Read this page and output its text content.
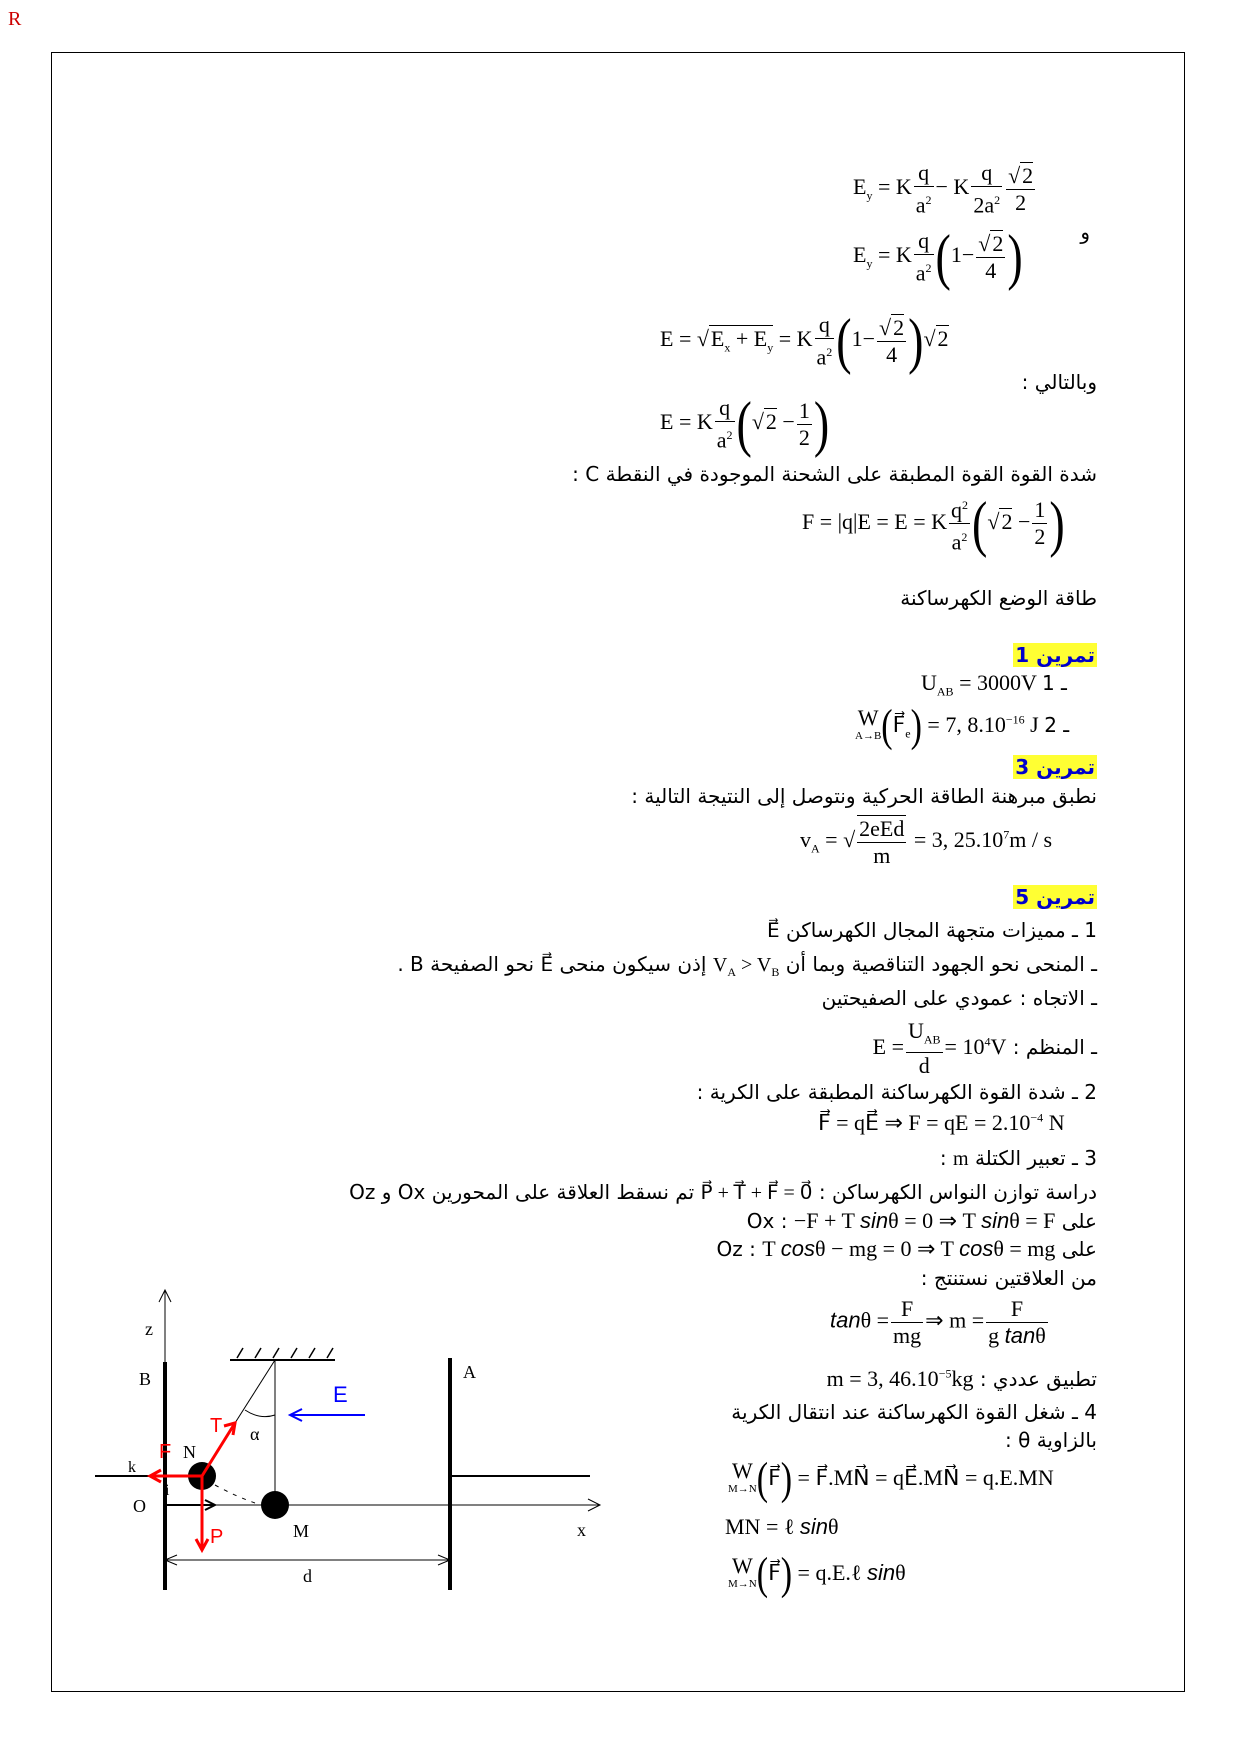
R
$E_y = K \frac{q}{a^2} - K \frac{q}{2a^2} \frac{√2}{2}$
و
$E_y = K \frac{q}{a^2} (1- \frac{√2}{4}$ )
$E = √E_x + E_y = K \frac{q}{a^2} (1- \frac{√2}{4} )√2$
وبالتالي :
E = K $\frac{q}{a^2} (√2 - \frac{1}{2}$ )
شدة القوة القوة المطبقة على الشحنة الموجودة في النقطة C :
F = |q|E = E = K $\frac{q^2}{a^2} (√2 - \frac{1}{2}$ )
طاقة الوضع الكهرساكنة
تمرين 1
$U_{AB} = 3000V$ ـ 1
W
$A\to B(F⃗_e) = 7$, $8.10^{-16}$ J ـ 2
تمرين 3
نطبق مبرهنة الطاقة الحركية ونتوصل إلى النتيجة التالية :
$v_A$ = √ $\frac{\text{2eEd}}{m} = 3$, 25.10$^7$m / s
تمرين 5
1 ـ مميزات متجهة المجال الكهرساكن E⃗
ـ المنحى نحو الجهود التناقصية وبما أن $V_A > V_B$ إذن سيكون منحى E⃗ نحو الصفيحة B .
ـ الاتجاه : عمودي على الصفيحتين
ـ المنظم : $E = \frac{U_{AB}}{d} = 10^4V$
2 ـ شدة القوة الكهرساكنة المطبقة على الكرية :
F⃗ = qE⃗ ⇒ F = qE = $2.10^{-4}$ N
3 ـ تعبير الكتلة m :
دراسة توازن النواس الكهرساكن : P⃗ + T⃗ + F⃗ = 0⃗ تم نسقط العلاقة على المحورين Ox و Oz
على Ox : −F + T sinθ = 0 ⇒ T sinθ = F
على Oz : T cosθ − mg = 0 ⇒ T cosθ = mg
من العلاقتين نستنتج :
$\tan\theta = \frac{F}{mg}$ ⇒ $m = \frac{F}{\text{g tanθ}}$
تطبيق عددي : m = 3, $46.10^{-5}kg$
4 ـ شغل القوة الكهرساكنة عند انتقال الكرية
بالزاوية θ :
W
M→N(F⃗) = F⃗.MN⃗ = qE⃗.MN⃗ = q.E.MN
MN = ℓ sinθ
W
M→N(F⃗) = q.E.ℓ sinθ
z
B	A
x
O
i
k
α
N
M
T
F
P
E
d
